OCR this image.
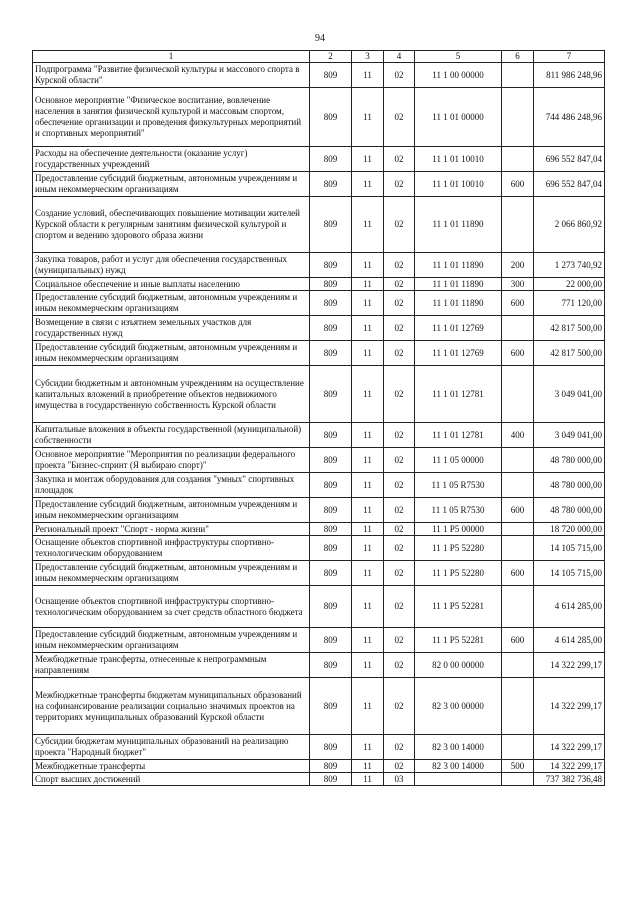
94
1	2	3	4	5	6	7
Подпрограмма "Развитие физической культуры и массового спорта в Курской области"	809	11	02	11 1 00 00000		811 986 248,96
Основное мероприятие "Физическое воспитание, вовлечение населения в занятия физической культурой и массовым спортом, обеспечение организации и проведения физкультурных мероприятий и спортивных мероприятий"	809	11	02	11 1 01 00000		744 486 248,96
Расходы на обеспечение деятельности (оказание услуг) государственных учреждений	809	11	02	11 1 01 10010		696 552 847,04
Предоставление субсидий бюджетным, автономным учреждениям и иным некоммерческим организациям	809	11	02	11 1 01 10010	600	696 552 847,04
Создание условий, обеспечивающих повышение мотивации жителей Курской области к регулярным занятиям физической культурой и спортом и ведению здорового образа жизни	809	11	02	11 1 01 11890		2 066 860,92
Закупка товаров, работ и услуг для обеспечения государственных (муниципальных) нужд	809	11	02	11 1 01 11890	200	1 273 740,92
Социальное обеспечение и иные выплаты населению	809	11	02	11 1 01 11890	300	22 000,00
Предоставление субсидий бюджетным, автономным учреждениям и иным некоммерческим организациям	809	11	02	11 1 01 11890	600	771 120,00
Возмещение в связи с изъятием земельных участков для государственных нужд	809	11	02	11 1 01 12769		42 817 500,00
Предоставление субсидий бюджетным, автономным учреждениям и иным некоммерческим организациям	809	11	02	11 1 01 12769	600	42 817 500,00
Субсидии бюджетным и автономным учреждениям на осуществление капитальных вложений в приобретение объектов недвижимого имущества в государственную собственность Курской области	809	11	02	11 1 01 12781		3 049 041,00
Капитальные вложения в объекты государственной (муниципальной) собственности	809	11	02	11 1 01 12781	400	3 049 041,00
Основное мероприятие "Мероприятия по реализации федерального проекта "Бизнес-спринт (Я выбираю спорт)"	809	11	02	11 1 05 00000		48 780 000,00
Закупка и монтаж оборудования для создания "умных" спортивных площадок	809	11	02	11 1 05 R7530		48 780 000,00
Предоставление субсидий бюджетным, автономным учреждениям и иным некоммерческим организациям	809	11	02	11 1 05 R7530	600	48 780 000,00
Региональный проект "Спорт - норма жизни"	809	11	02	11 1 P5 00000		18 720 000,00
Оснащение объектов спортивной инфраструктуры спортивно-технологическим оборудованием	809	11	02	11 1 P5 52280		14 105 715,00
Предоставление субсидий бюджетным, автономным учреждениям и иным некоммерческим организациям	809	11	02	11 1 P5 52280	600	14 105 715,00
Оснащение объектов спортивной инфраструктуры спортивно-технологическим оборудованием за счет средств областного бюджета	809	11	02	11 1 P5 52281		4 614 285,00
Предоставление субсидий бюджетным, автономным учреждениям и иным некоммерческим организациям	809	11	02	11 1 P5 52281	600	4 614 285,00
Межбюджетные трансферты, отнесенные к непрограммным направлениям	809	11	02	82 0 00 00000		14 322 299,17
Межбюджетные трансферты бюджетам муниципальных образований на софинансирование реализации социально значимых проектов на территориях муниципальных образований Курской области	809	11	02	82 3 00 00000		14 322 299,17
Субсидии бюджетам муниципальных образований на реализацию проекта "Народный бюджет"	809	11	02	82 3 00 14000		14 322 299,17
Межбюджетные трансферты	809	11	02	82 3 00 14000	500	14 322 299,17
Спорт высших достижений	809	11	03			737 382 736,48
